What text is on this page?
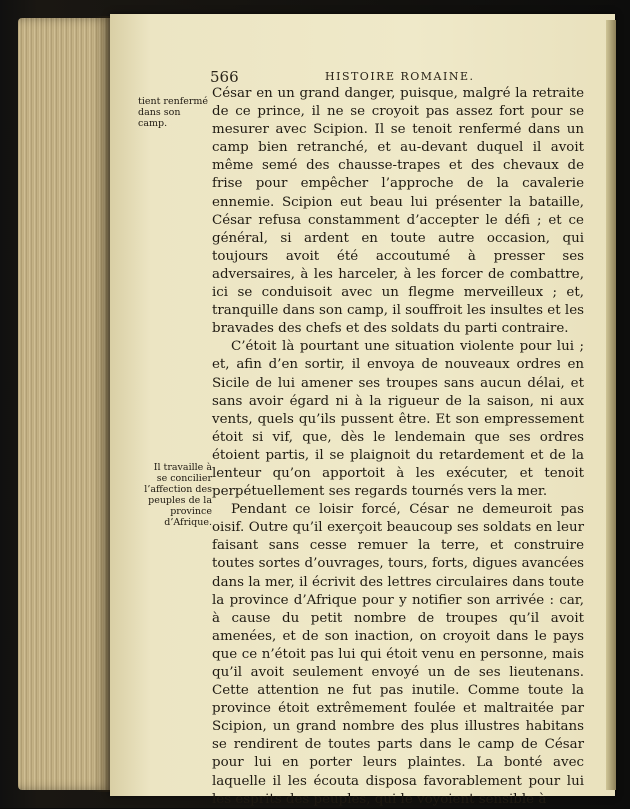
566	HISTOIRE ROMAINE.
tient renfermé dans son camp.
Il travaille à se concilier l’affection des peuples de la province d’Afrique.

César en un grand danger, puisque, malgré la retraite de ce prince, il ne se croyoit pas assez fort pour se mesurer avec Scipion. Il se tenoit renfermé dans un camp bien retranché, et au-devant duquel il avoit même semé des chausse-trapes et des chevaux de frise pour empêcher l’approche de la cavalerie ennemie. Scipion eut beau lui présenter la bataille, César refusa constamment d’accepter le défi ; et ce général, si ardent en toute autre occasion, qui toujours avoit été accoutumé à presser ses adversaires, à les harceler, à les forcer de combattre, ici se conduisoit avec un flegme merveilleux ; et, tranquille dans son camp, il souffroit les insultes et les bravades des chefs et des soldats du parti contraire.

C’étoit là pourtant une situation violente pour lui ; et, afin d’en sortir, il envoya de nouveaux ordres en Sicile de lui amener ses troupes sans aucun délai, et sans avoir égard ni à la rigueur de la saison, ni aux vents, quels qu’ils pussent être. Et son empressement étoit si vif, que, dès le lendemain que ses ordres étoient partis, il se plaignoit du retardement et de la lenteur qu’on apportoit à les exécuter, et tenoit perpétuellement ses regards tournés vers la mer.

Pendant ce loisir forcé, César ne demeuroit pas oisif. Outre qu’il exerçoit beaucoup ses soldats en leur faisant sans cesse remuer la terre, et construire toutes sortes d’ouvrages, tours, forts, digues avancées dans la mer, il écrivit des lettres circulaires dans toute la province d’Afrique pour y notifier son arrivée : car, à cause du petit nombre de troupes qu’il avoit amenées, et de son inaction, on croyoit dans le pays que ce n’étoit pas lui qui étoit venu en personne, mais qu’il avoit seulement envoyé un de ses lieutenans. Cette attention ne fut pas inutile. Comme toute la province étoit extrêmement foulée et maltraitée par Scipion, un grand nombre des plus illustres habitans se rendirent de toutes parts dans le camp de César pour lui en porter leurs plaintes. La bonté avec laquelle il les écouta disposa favorablement pour lui les esprits des peuples, qui le voyoient sensible à
